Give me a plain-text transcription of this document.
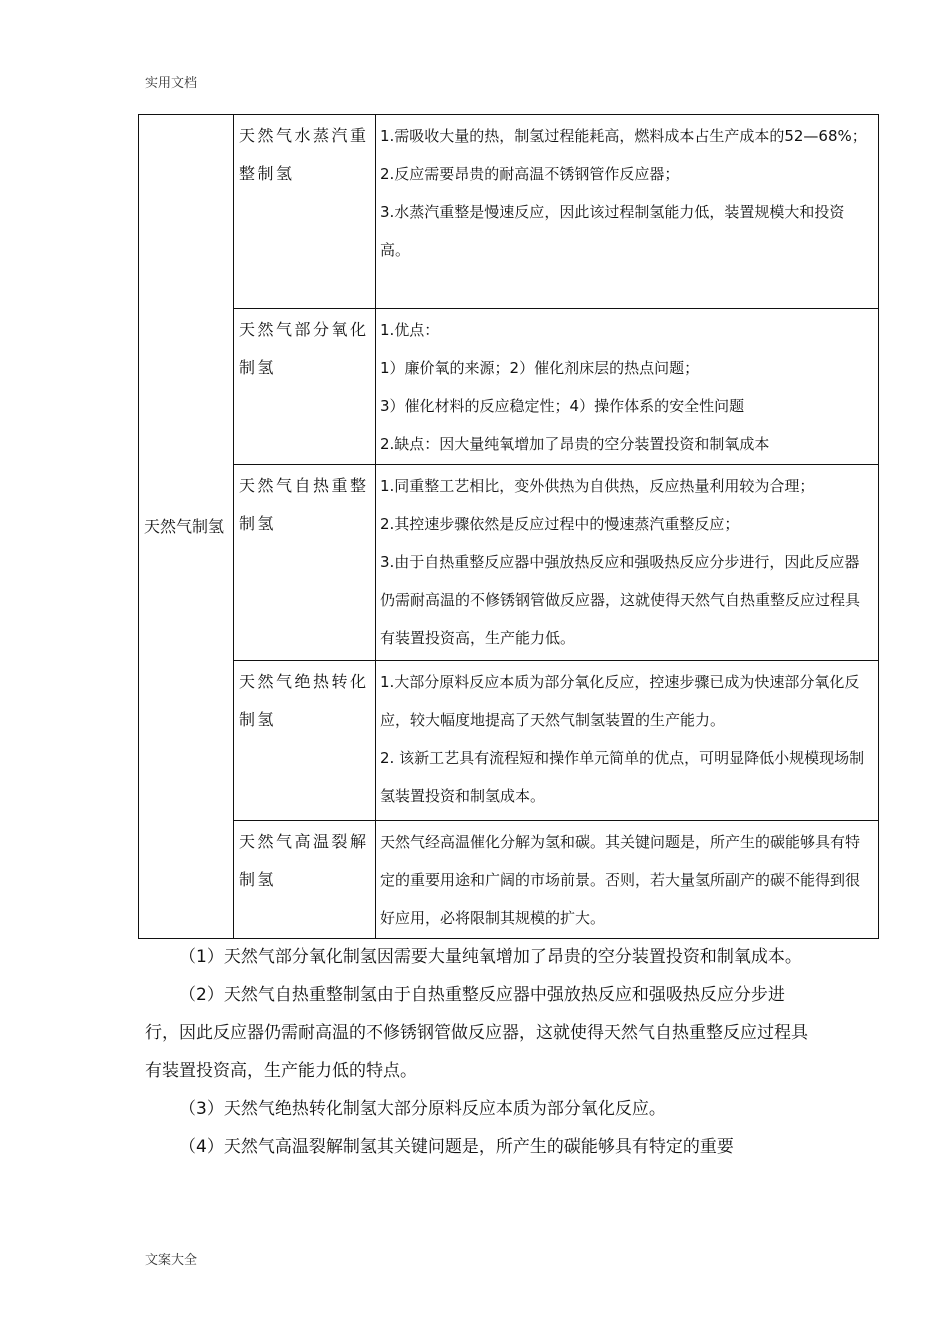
实用文档
天然气制氢	天然气水蒸汽重整制氢	1.需吸收大量的热，制氢过程能耗高，燃料成本占生产成本的52—68%；
2.反应需要昂贵的耐高温不锈钢管作反应器；
3.水蒸汽重整是慢速反应，因此该过程制氢能力低，装置规模大和投资高。

	天然气部分氧化制氢	1.优点：
1）廉价氧的来源；2）催化剂床层的热点问题；
3）催化材料的反应稳定性；4）操作体系的安全性问题
2.缺点：因大量纯氧增加了昂贵的空分装置投资和制氧成本

	天然气自热重整制氢	1.同重整工艺相比，变外供热为自供热，反应热量利用较为合理；
2.其控速步骤依然是反应过程中的慢速蒸汽重整反应；
3.由于自热重整反应器中强放热反应和强吸热反应分步进行，因此反应器仍需耐高温的不修锈钢管做反应器，这就使得天然气自热重整反应过程具有装置投资高，生产能力低。

	天然气绝热转化制氢	1.大部分原料反应本质为部分氧化反应，控速步骤已成为快速部分氧化反应，较大幅度地提高了天然气制氢装置的生产能力。
2. 该新工艺具有流程短和操作单元简单的优点，可明显降低小规模现场制氢装置投资和制氢成本。

	天然气高温裂解制氢	天然气经高温催化分解为氢和碳。其关键问题是，所产生的碳能够具有特定的重要用途和广阔的市场前景。否则，若大量氢所副产的碳不能得到很好应用，必将限制其规模的扩大。

（1）天然气部分氧化制氢因需要大量纯氧增加了昂贵的空分装置投资和制氧成本。

（2）天然气自热重整制氢由于自热重整反应器中强放热反应和强吸热反应分步进行，因此反应器仍需耐高温的不修锈钢管做反应器，这就使得天然气自热重整反应过程具有装置投资高，生产能力低的特点。

（3）天然气绝热转化制氢大部分原料反应本质为部分氧化反应。

（4）天然气高温裂解制氢其关键问题是，所产生的碳能够具有特定的重要

文案大全
